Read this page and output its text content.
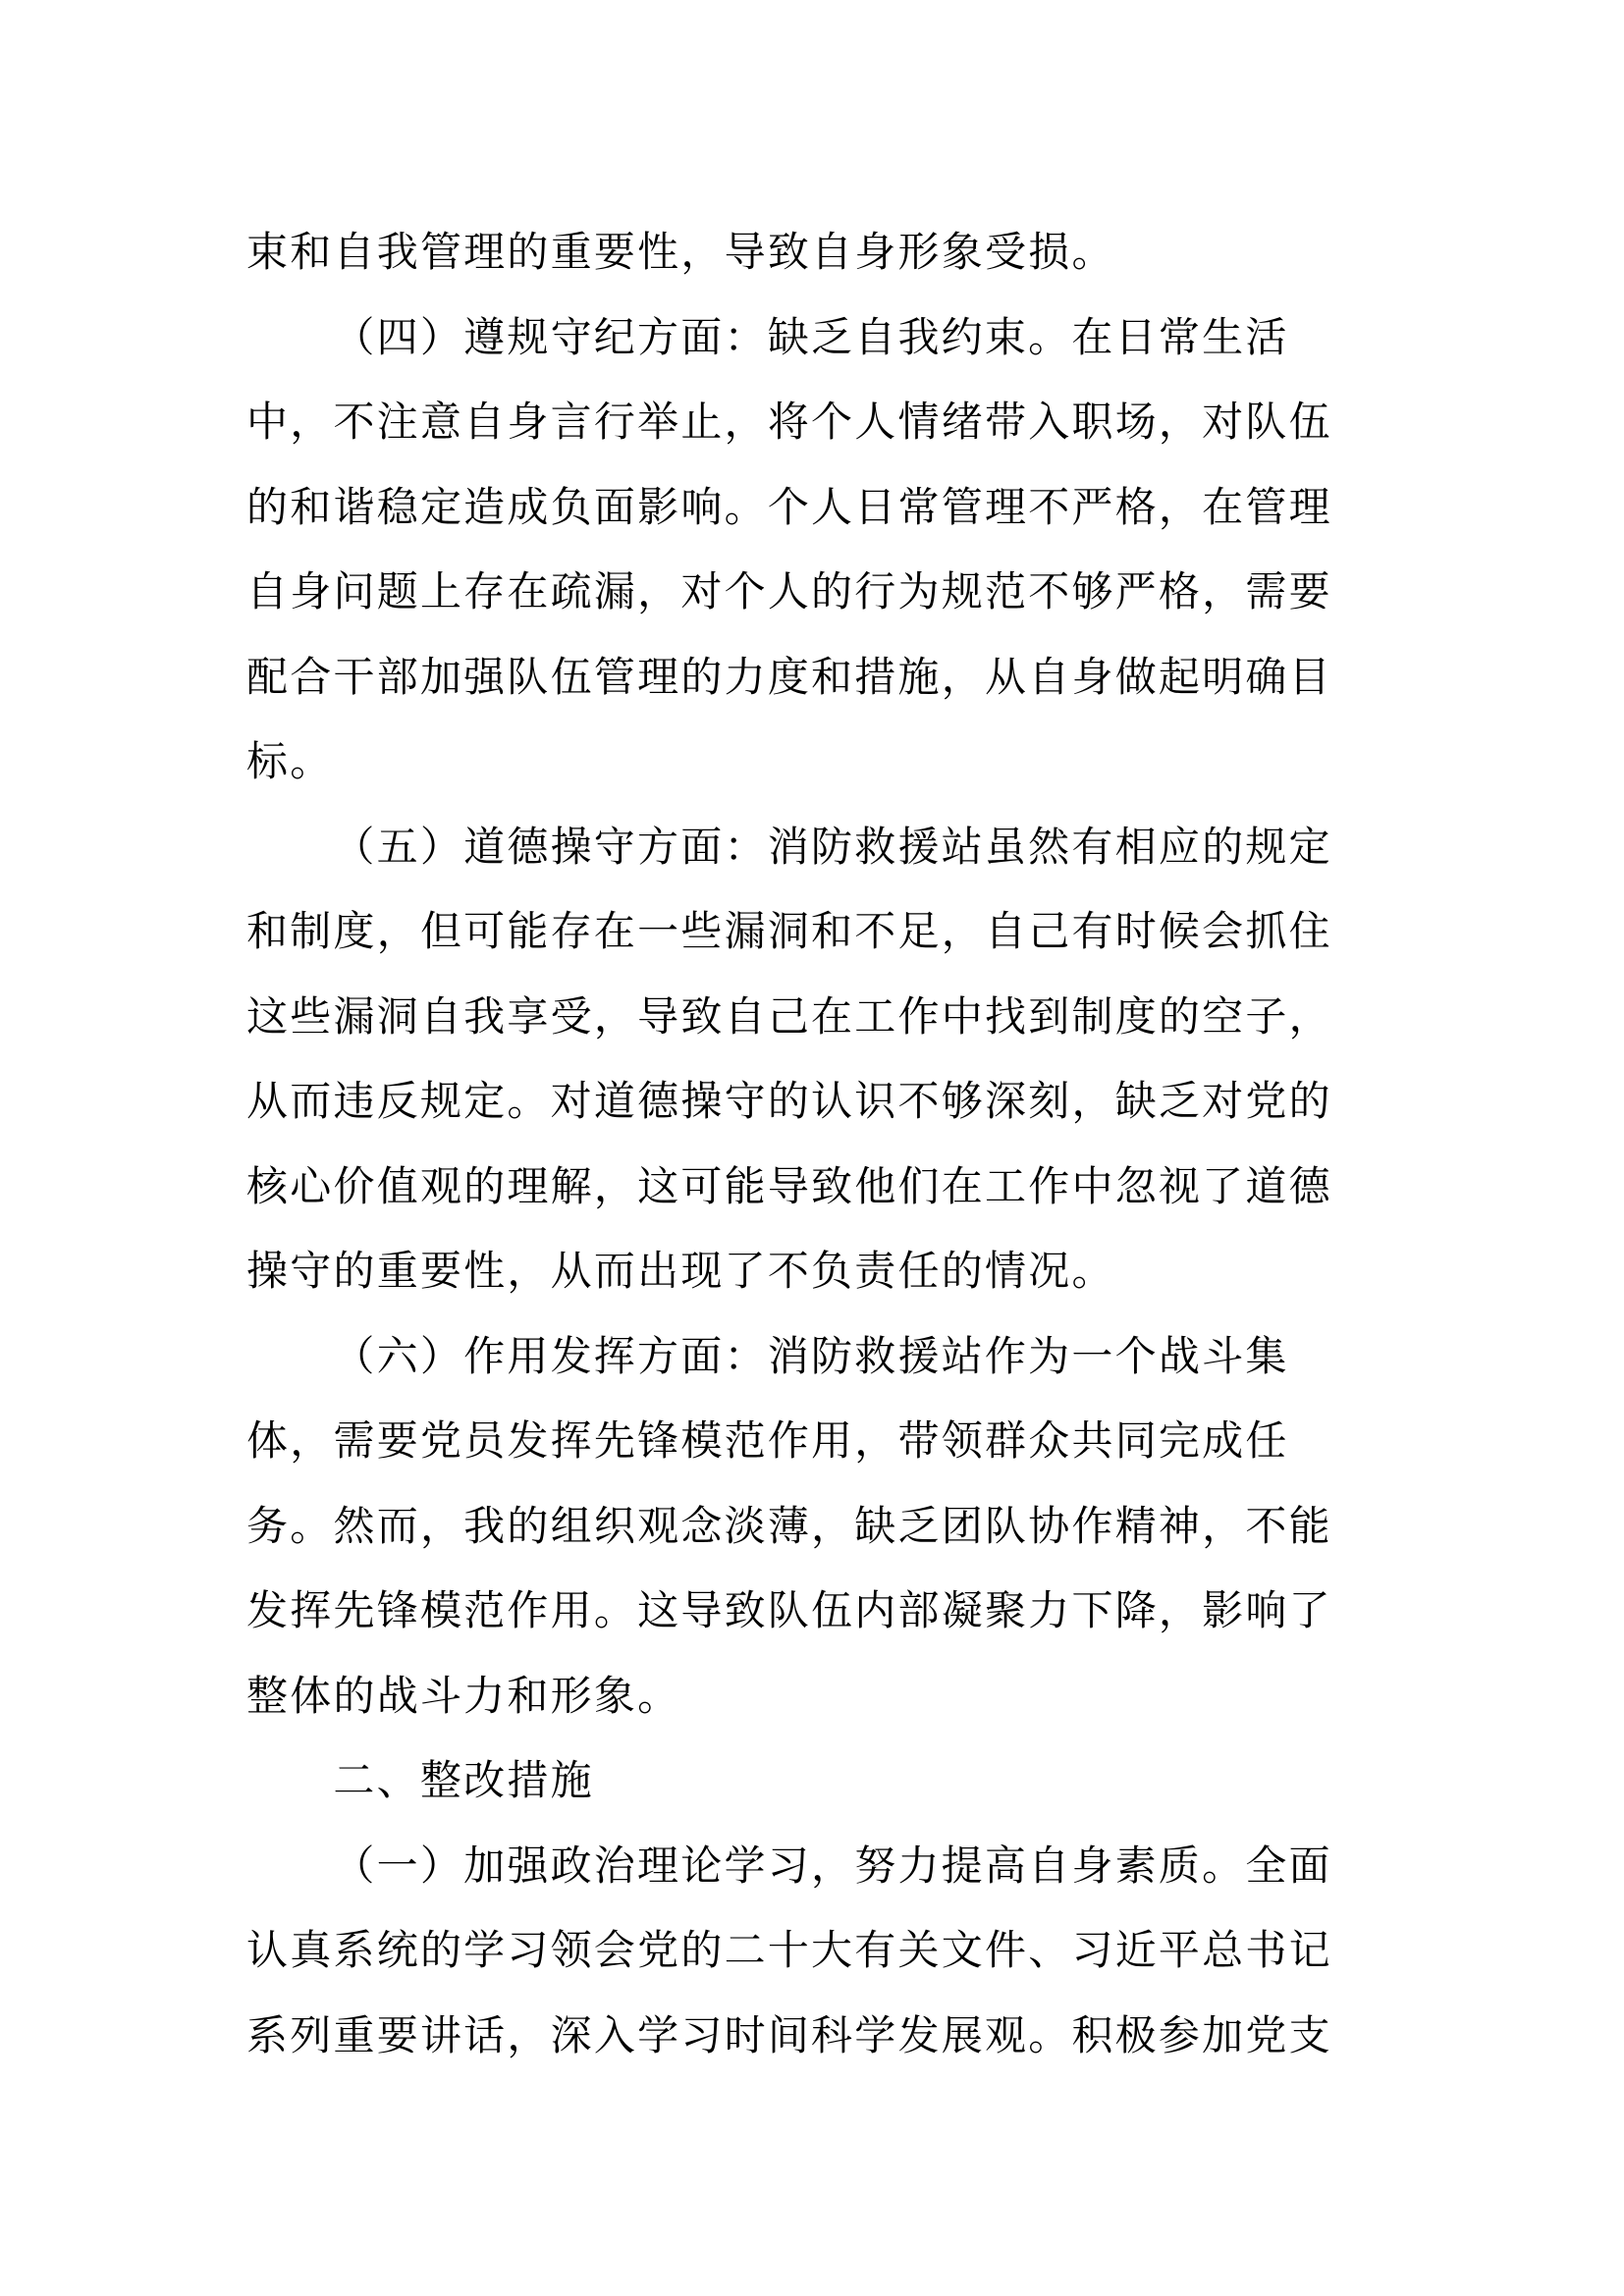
束和自我管理的重要性，导致自身形象受损。
（四）遵规守纪方面：缺乏自我约束。在日常生活
中，不注意自身言行举止，将个人情绪带入职场，对队伍
的和谐稳定造成负面影响。个人日常管理不严格，在管理
自身问题上存在疏漏，对个人的行为规范不够严格，需要
配合干部加强队伍管理的力度和措施，从自身做起明确目
标。
（五）道德操守方面：消防救援站虽然有相应的规定
和制度，但可能存在一些漏洞和不足，自己有时候会抓住
这些漏洞自我享受，导致自己在工作中找到制度的空子，
从而违反规定。对道德操守的认识不够深刻，缺乏对党的
核心价值观的理解，这可能导致他们在工作中忽视了道德
操守的重要性，从而出现了不负责任的情况。
（六）作用发挥方面：消防救援站作为一个战斗集
体，需要党员发挥先锋模范作用，带领群众共同完成任
务。然而，我的组织观念淡薄，缺乏团队协作精神，不能
发挥先锋模范作用。这导致队伍内部凝聚力下降，影响了
整体的战斗力和形象。
二、整改措施
（一）加强政治理论学习，努力提高自身素质。全面
认真系统的学习领会党的二十大有关文件、习近平总书记
系列重要讲话，深入学习时间科学发展观。积极参加党支
